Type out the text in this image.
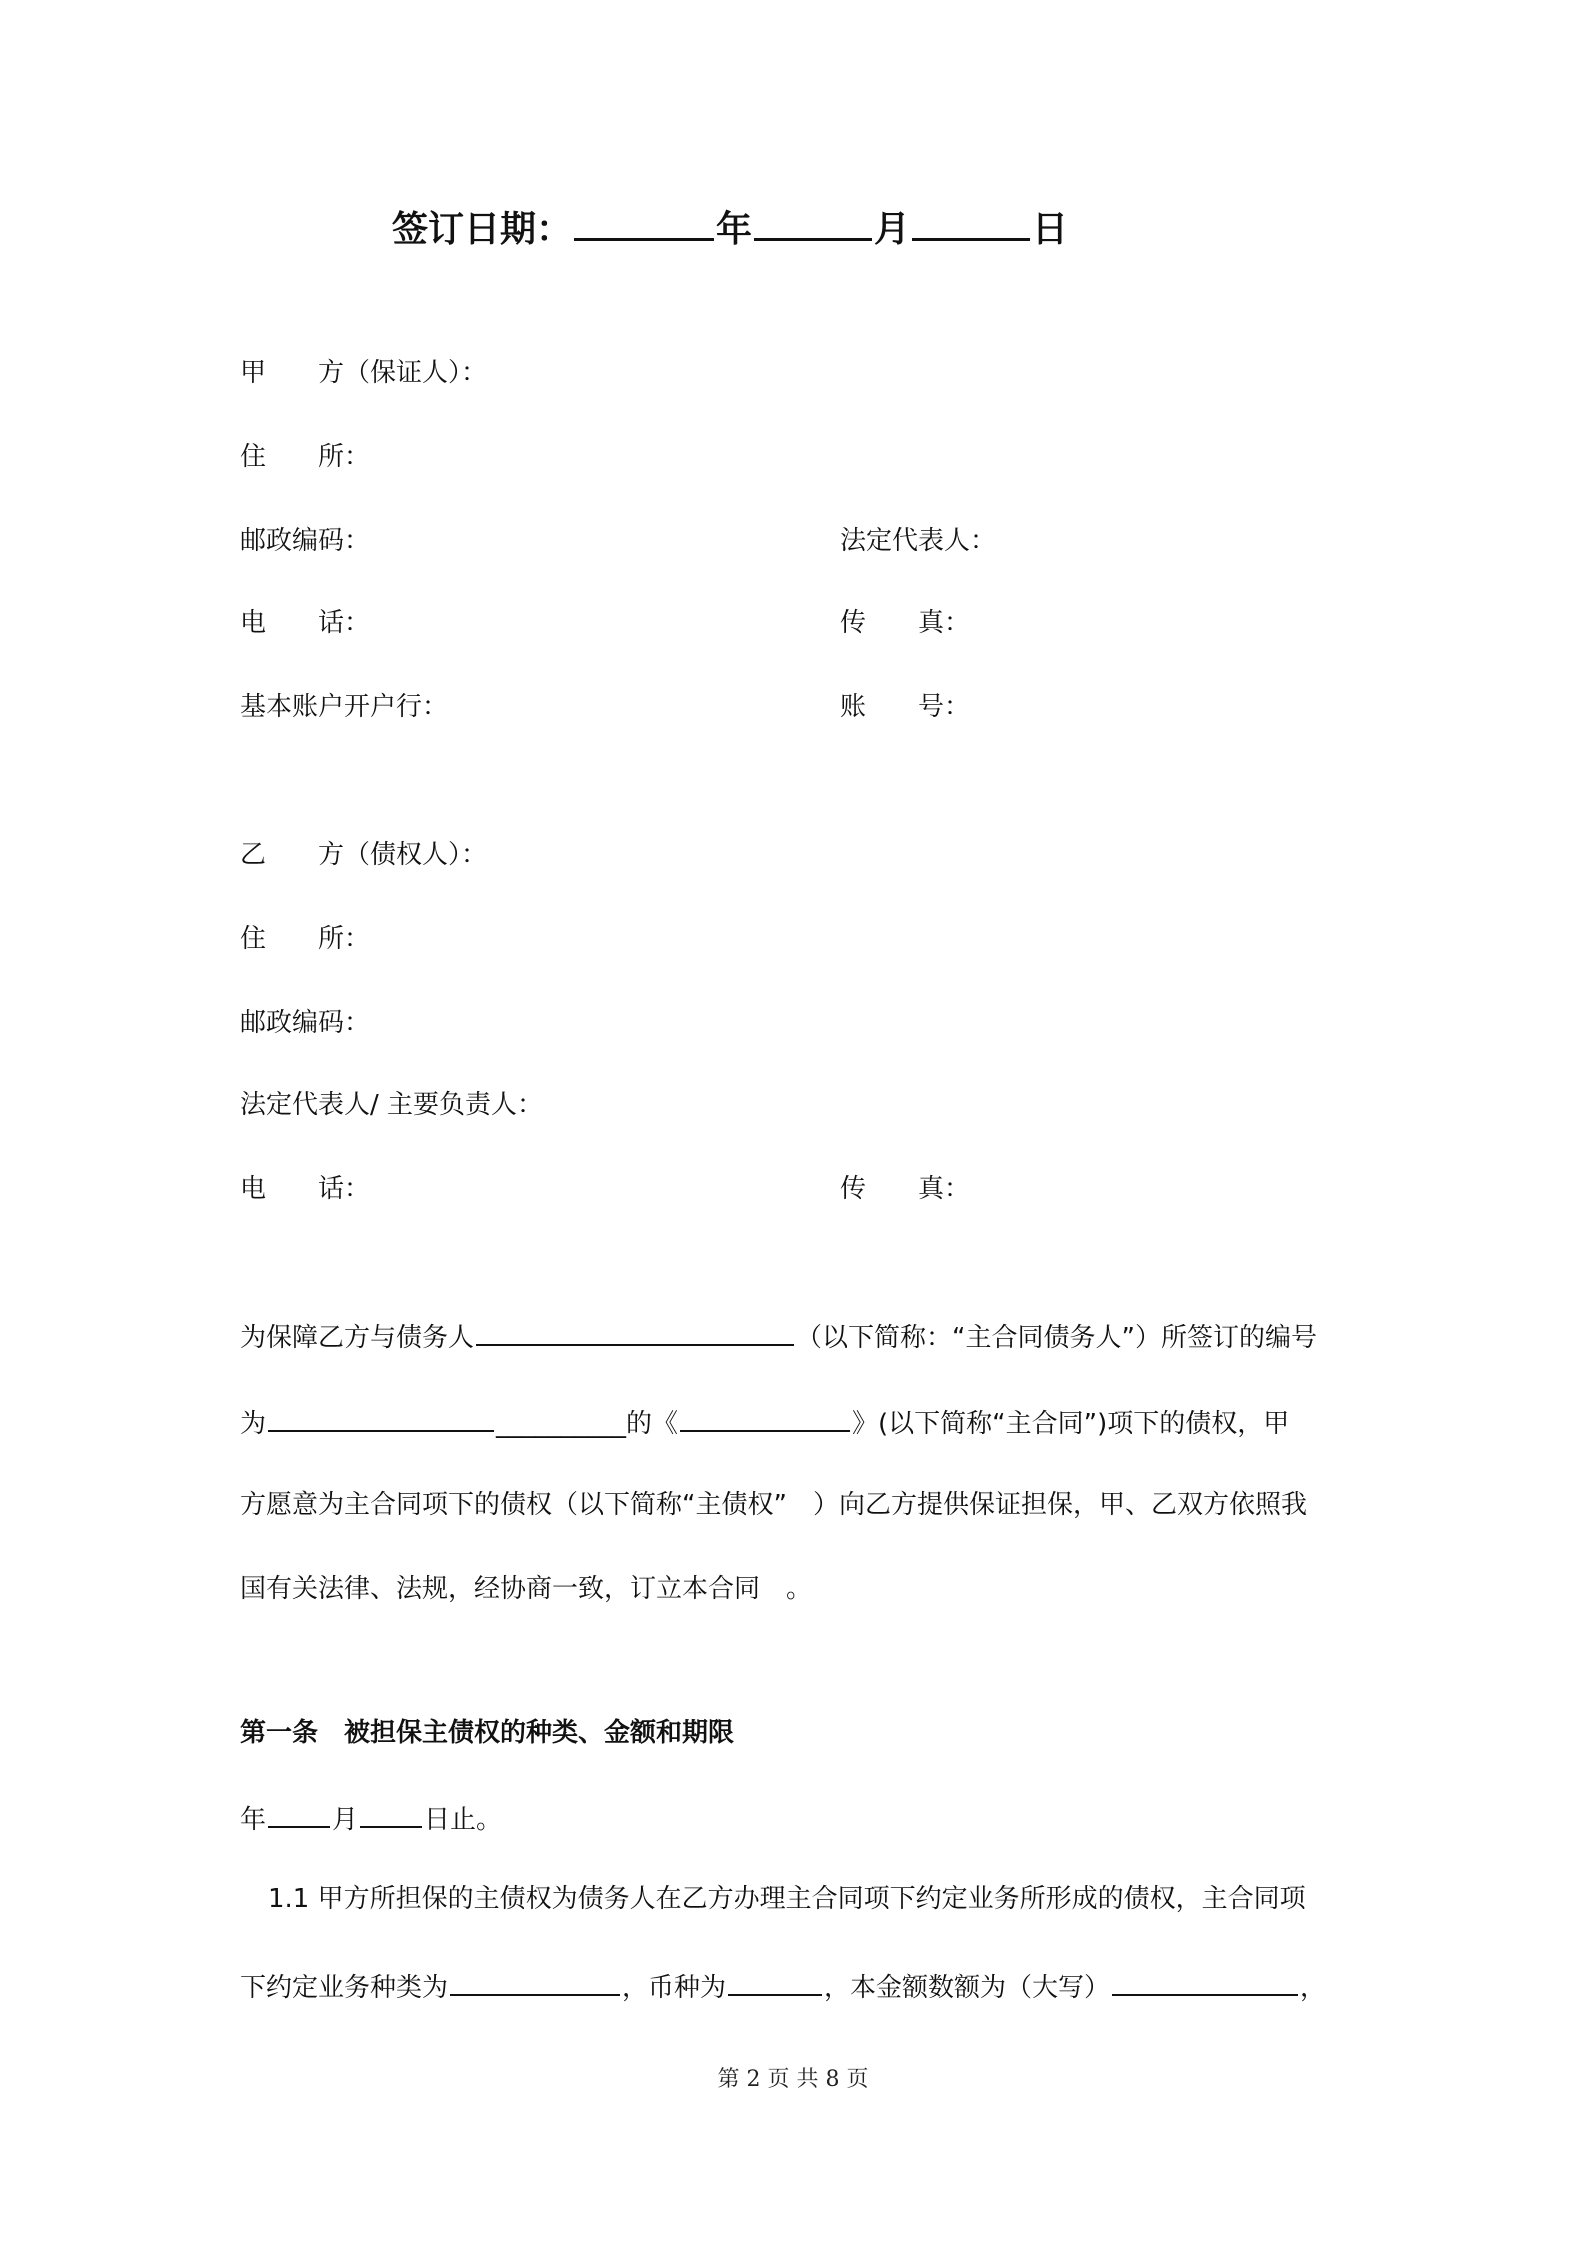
签订日期：	年	月	日
甲　　方（保证人）：
住　　所：
邮政编码：	法定代表人：
电　　话：	传　　真：
基本账户开户行：	账　　号：
乙　　方（债权人）：
住　　所：
邮政编码：
法定代表人/ 主要负责人：
电　　话：	传　　真：
为保障乙方与债务人	（以下简称：“主合同债务人”）所签订的编号
为	__________的《	》(以下简称“主合同”)项下的债权，甲
方愿意为主合同项下的债权（以下简称“主债权”　）向乙方提供保证担保，甲、乙双方依照我
国有关法律、法规，经协商一致，订立本合同　。
第一条　被担保主债权的种类、金额和期限
年	月	日止。
1.1 甲方所担保的主债权为债务人在乙方办理主合同项下约定业务所形成的债权，主合同项
下约定业务种类为	，币种为	，本金额数额为（大写）	，
第 2 页 共 8 页
